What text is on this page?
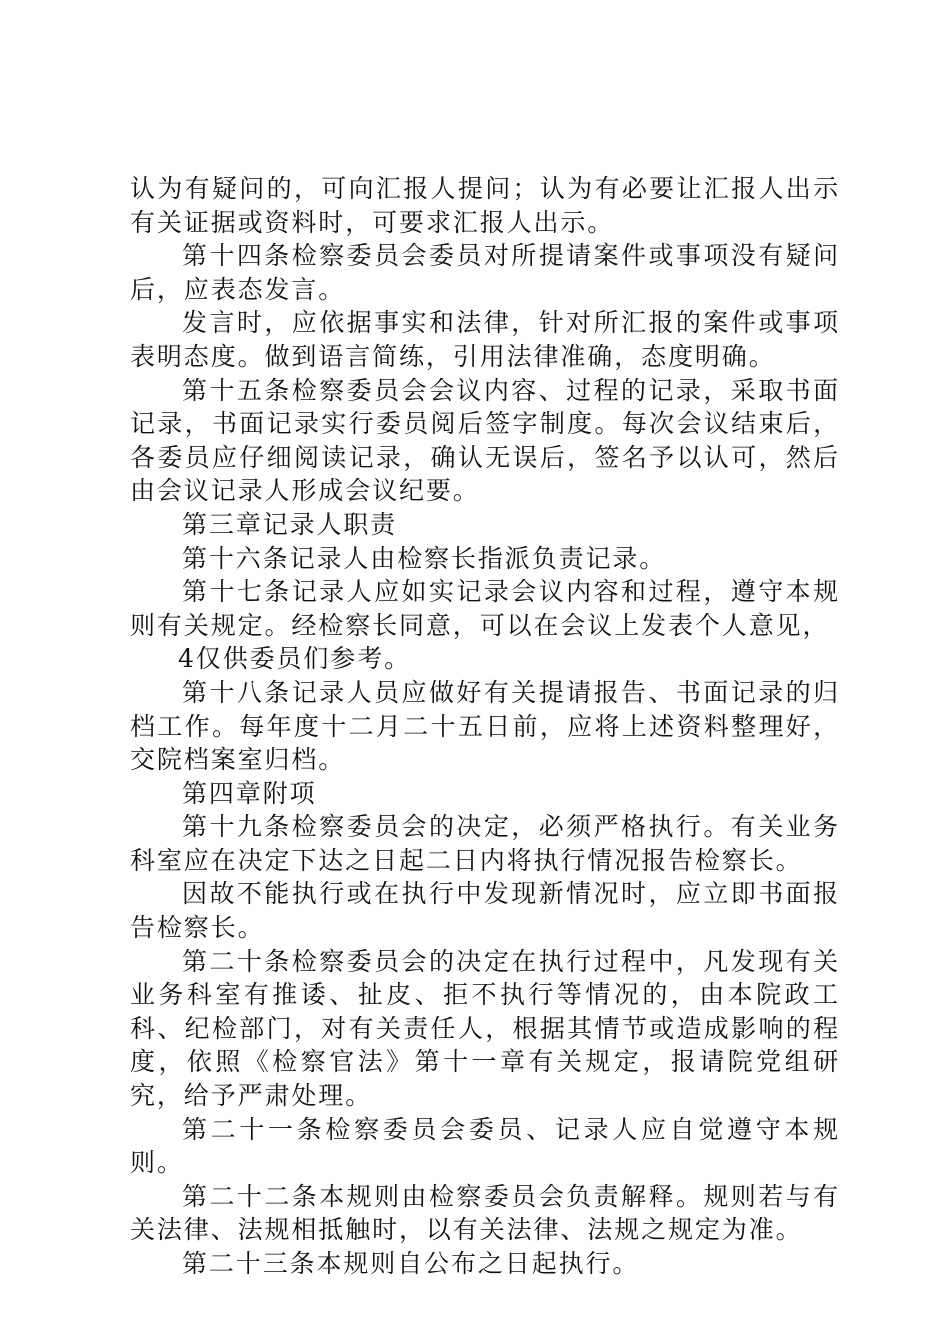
认为有疑问的，可向汇报人提问；认为有必要让汇报人出示有关证据或资料时，可要求汇报人出示。

第十四条检察委员会委员对所提请案件或事项没有疑问后，应表态发言。

发言时，应依据事实和法律，针对所汇报的案件或事项表明态度。做到语言简练，引用法律准确，态度明确。

第十五条检察委员会会议内容、过程的记录，采取书面记录，书面记录实行委员阅后签字制度。每次会议结束后，各委员应仔细阅读记录，确认无误后，签名予以认可，然后由会议记录人形成会议纪要。

第三章记录人职责

第十六条记录人由检察长指派负责记录。

第十七条记录人应如实记录会议内容和过程，遵守本规则有关规定。经检察长同意，可以在会议上发表个人意见，

4仅供委员们参考。

第十八条记录人员应做好有关提请报告、书面记录的归档工作。每年度十二月二十五日前，应将上述资料整理好，交院档案室归档。

第四章附项

第十九条检察委员会的决定，必须严格执行。有关业务科室应在决定下达之日起二日内将执行情况报告检察长。

因故不能执行或在执行中发现新情况时，应立即书面报告检察长。

第二十条检察委员会的决定在执行过程中，凡发现有关业务科室有推诿、扯皮、拒不执行等情况的，由本院政工科、纪检部门，对有关责任人，根据其情节或造成影响的程度，依照《检察官法》第十一章有关规定，报请院党组研究，给予严肃处理。

第二十一条检察委员会委员、记录人应自觉遵守本规则。

第二十二条本规则由检察委员会负责解释。规则若与有关法律、法规相抵触时，以有关法律、法规之规定为准。

第二十三条本规则自公布之日起执行。
